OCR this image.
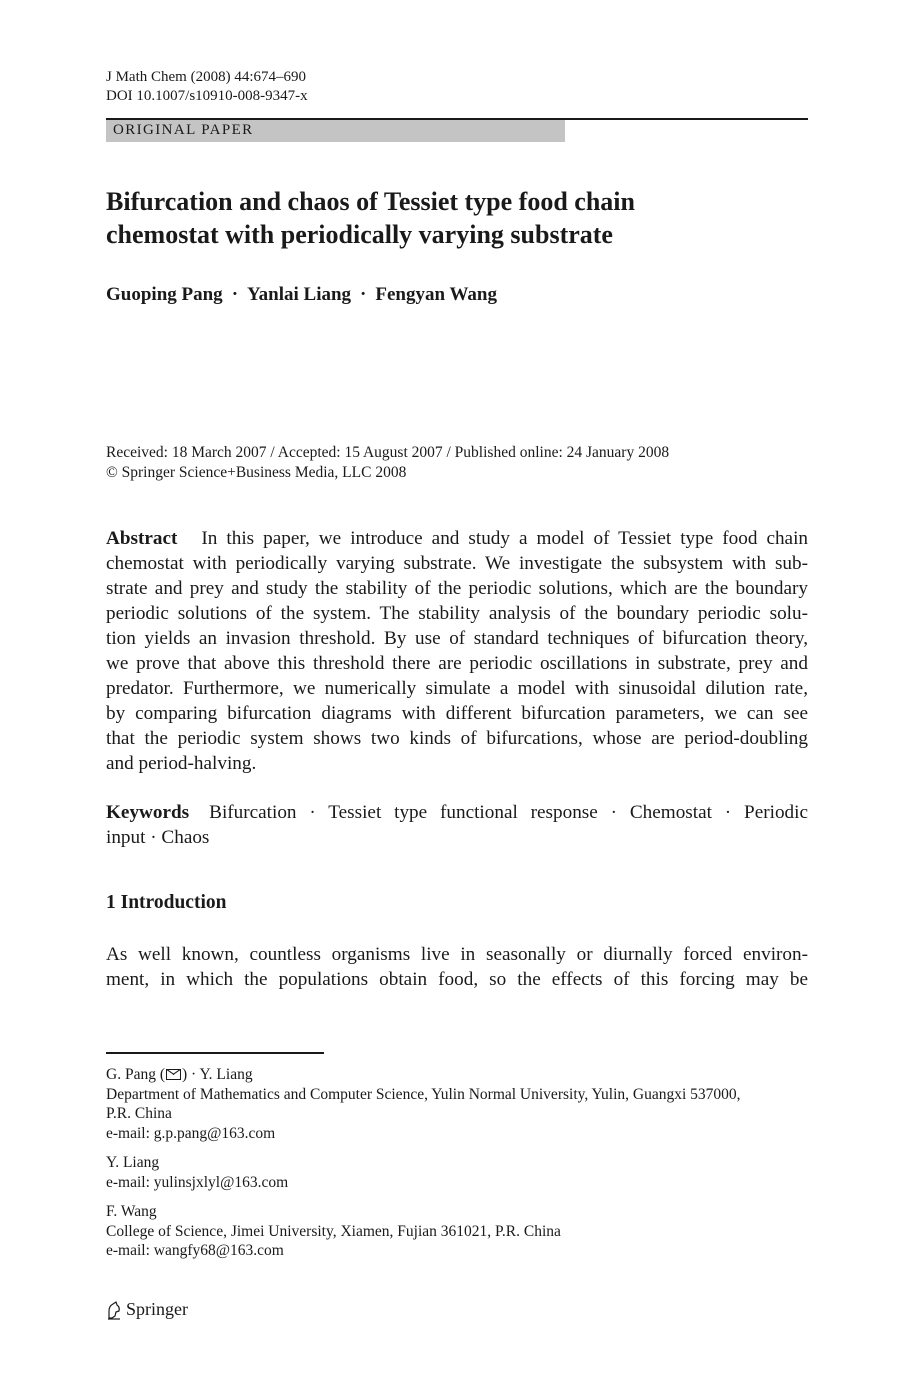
J Math Chem (2008) 44:674–690
DOI 10.1007/s10910-008-9347-x
ORIGINAL PAPER
Bifurcation and chaos of Tessiet type food chain
chemostat with periodically varying substrate
Guoping Pang · Yanlai Liang · Fengyan Wang
Received: 18 March 2007 / Accepted: 15 August 2007 / Published online: 24 January 2008
© Springer Science+Business Media, LLC 2008
Abstract In this paper, we introduce and study a model of Tessiet type food chain
chemostat with periodically varying substrate. We investigate the subsystem with sub-
strate and prey and study the stability of the periodic solutions, which are the boundary
periodic solutions of the system. The stability analysis of the boundary periodic solu-
tion yields an invasion threshold. By use of standard techniques of bifurcation theory,
we prove that above this threshold there are periodic oscillations in substrate, prey and
predator. Furthermore, we numerically simulate a model with sinusoidal dilution rate,
by comparing bifurcation diagrams with different bifurcation parameters, we can see
that the periodic system shows two kinds of bifurcations, whose are period-doubling
and period-halving.
Keywords Bifurcation · Tessiet type functional response · Chemostat · Periodic
input · Chaos
1 Introduction
As well known, countless organisms live in seasonally or diurnally forced environ-
ment, in which the populations obtain food, so the effects of this forcing may be
G. Pang ( ) · Y. Liang
Department of Mathematics and Computer Science, Yulin Normal University, Yulin, Guangxi 537000,
P.R. China
e-mail: g.p.pang@163.com
Y. Liang
e-mail: yulinsjxlyl@163.com
F. Wang
College of Science, Jimei University, Xiamen, Fujian 361021, P.R. China
e-mail: wangfy68@163.com
Springer
